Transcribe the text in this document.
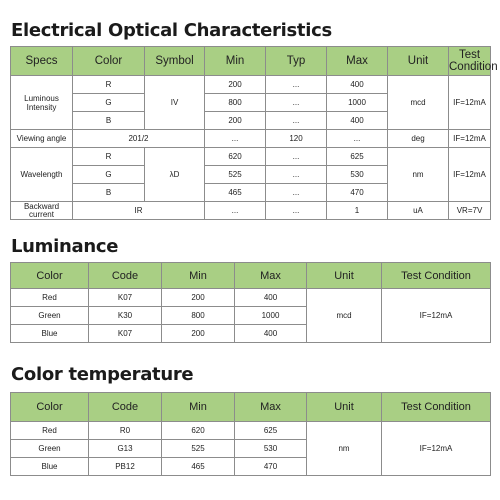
Electrical Optical Characteristics
Specs	Color	Symbol	Min	Typ	Max	Unit	Test Condition
Luminous Intensity	R	IV	200	...	400	mcd	IF=12mA
	G		800	...	1000		
	B		200	...	400		
Viewing angle	201/2		...	120	...	deg	IF=12mA
Wavelength	R	λD	620	...	625	nm	IF=12mA
	G		525	...	530		
	B		465	...	470		
Backward current	IR		...	...	1	uA	VR=7V
Luminance
Color	Code	Min	Max	Unit	Test Condition
Red	K07	200	400	mcd	IF=12mA
Green	K30	800	1000		
Blue	K07	200	400		
Color temperature
Color	Code	Min	Max	Unit	Test Condition
Red	R0	620	625	nm	IF=12mA
Green	G13	525	530		
Blue	PB12	465	470		
